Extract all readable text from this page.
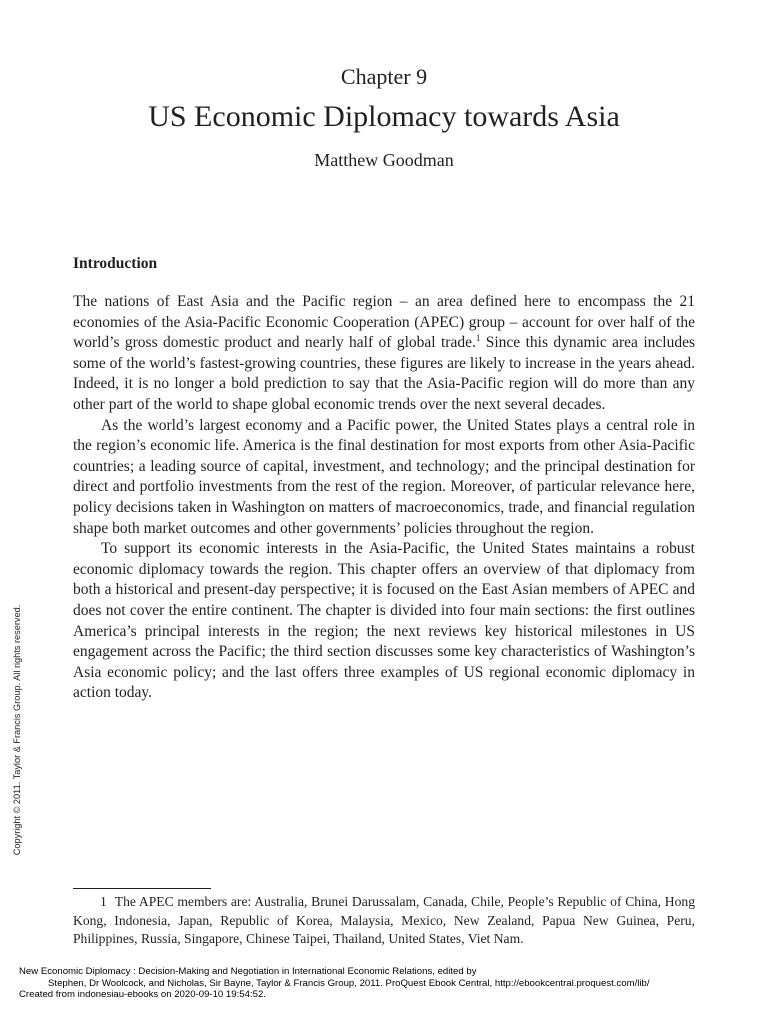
Chapter 9
US Economic Diplomacy towards Asia
Matthew Goodman
Introduction

The nations of East Asia and the Pacific region – an area defined here to encompass the 21 economies of the Asia-Pacific Economic Cooperation (APEC) group – account for over half of the world’s gross domestic product and nearly half of global trade.$^1$ Since this dynamic area includes some of the world’s fastest-growing countries, these figures are likely to increase in the years ahead. Indeed, it is no longer a bold prediction to say that the Asia-Pacific region will do more than any other part of the world to shape global economic trends over the next several decades.

As the world’s largest economy and a Pacific power, the United States plays a central role in the region’s economic life. America is the final destination for most exports from other Asia-Pacific countries; a leading source of capital, investment, and technology; and the principal destination for direct and portfolio investments from the rest of the region. Moreover, of particular relevance here, policy decisions taken in Washington on matters of macroeconomics, trade, and financial regulation shape both market outcomes and other governments’ policies throughout the region.

To support its economic interests in the Asia-Pacific, the United States maintains a robust economic diplomacy towards the region. This chapter offers an overview of that diplomacy from both a historical and present-day perspective; it is focused on the East Asian members of APEC and does not cover the entire continent. The chapter is divided into four main sections: the first outlines America’s principal interests in the region; the next reviews key historical milestones in US engagement across the Pacific; the third section discusses some key characteristics of Washington’s Asia economic policy; and the last offers three examples of US regional economic diplomacy in action today.

1 The APEC members are: Australia, Brunei Darussalam, Canada, Chile, People’s Republic of China, Hong Kong, Indonesia, Japan, Republic of Korea, Malaysia, Mexico, New Zealand, Papua New Guinea, Peru, Philippines, Russia, Singapore, Chinese Taipei, Thailand, United States, Viet Nam.
Copyright © 2011. Taylor & Francis Group. All rights reserved.
New Economic Diplomacy : Decision-Making and Negotiation in International Economic Relations, edited by
Stephen, Dr Woolcock, and Nicholas, Sir Bayne, Taylor & Francis Group, 2011. ProQuest Ebook Central, http://ebookcentral.proquest.com/lib/
Created from indonesiau-ebooks on 2020-09-10 19:54:52.
